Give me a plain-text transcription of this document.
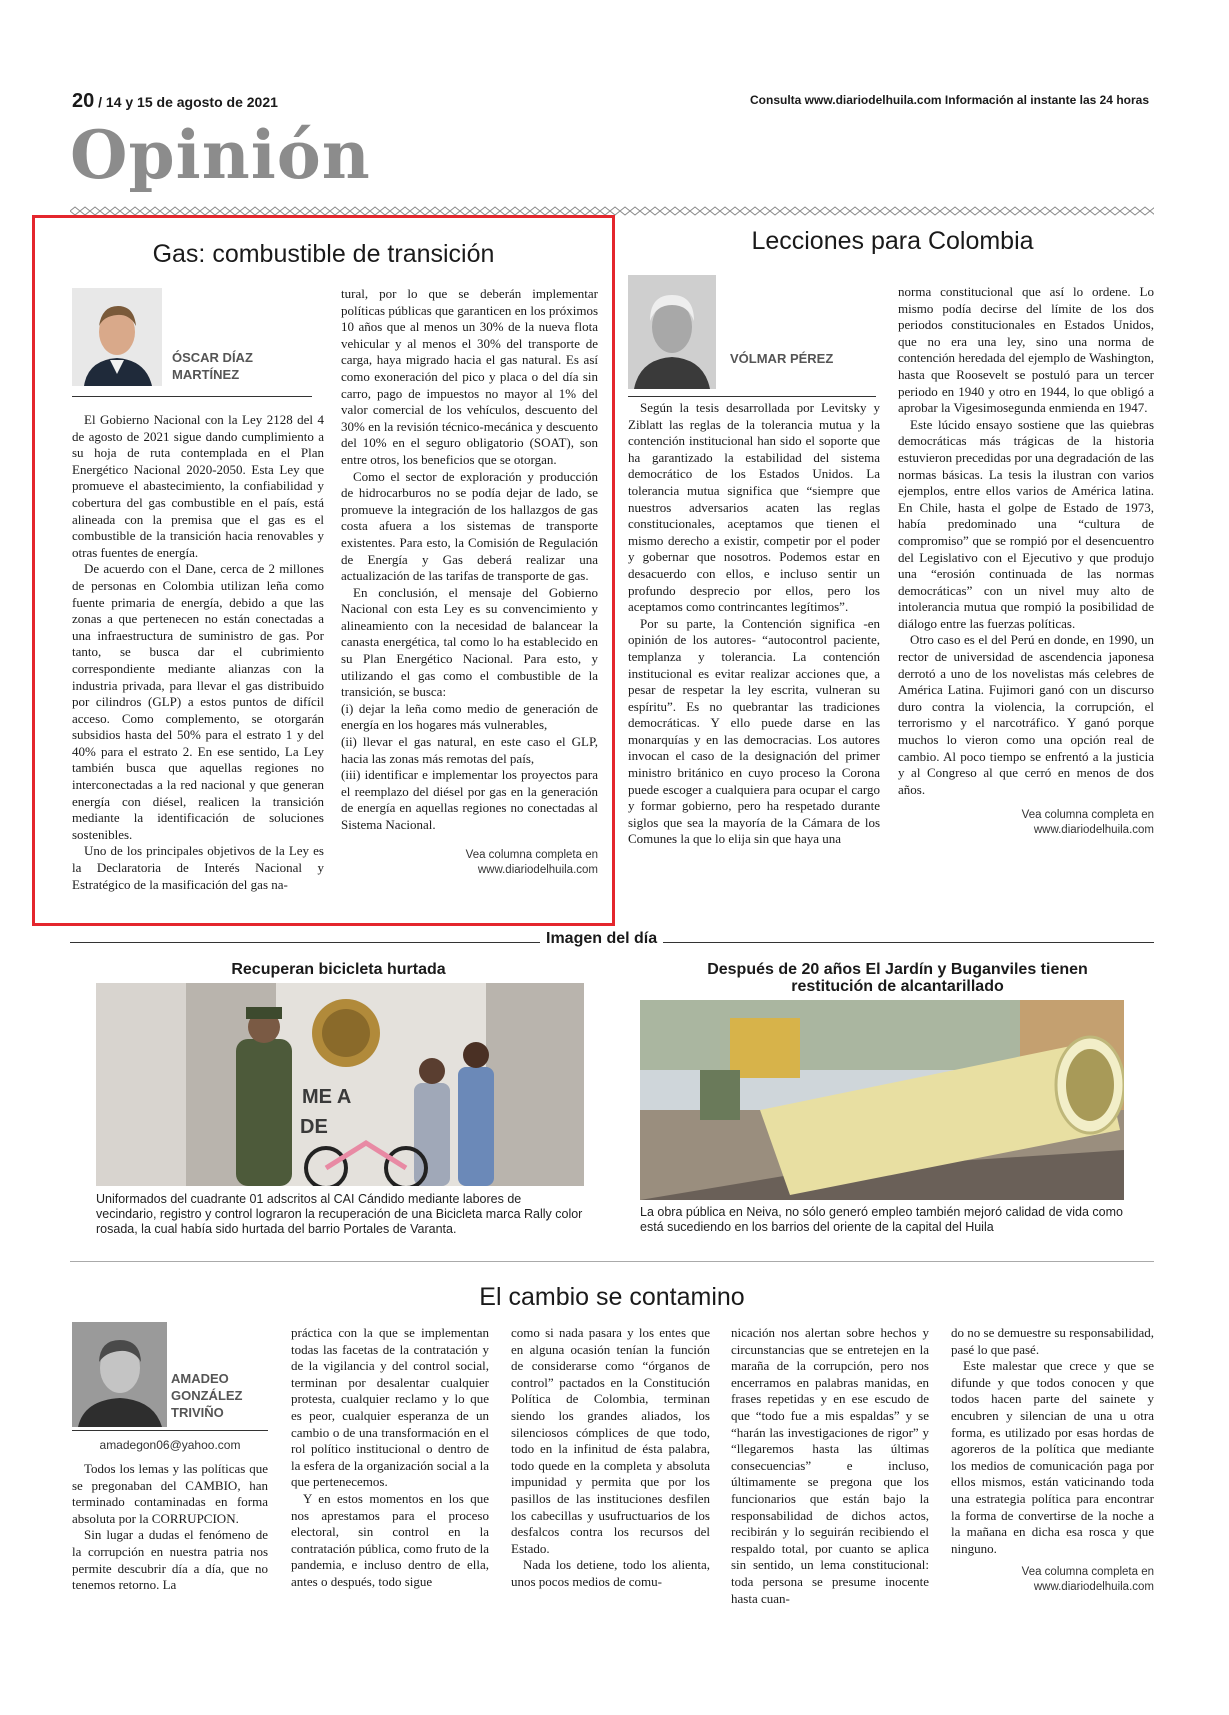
20 / 14 y 15 de agosto de 2021	Consulta www.diariodelhuila.com Información al instante las 24 horas
Opinión
Gas: combustible de transición
ÓSCAR DÍAZ
MARTÍNEZ

El Gobierno Nacional con la Ley 2128 del 4 de agosto de 2021 sigue dando cumplimiento a su hoja de ruta contemplada en el Plan Energético Nacional 2020-2050. Esta Ley que promueve el abastecimiento, la confiabilidad y cobertura del gas combustible en el país, está alineada con la premisa que el gas es el combustible de la transición hacia renovables y otras fuentes de energía.

De acuerdo con el Dane, cerca de 2 millones de personas en Colombia utilizan leña como fuente primaria de energía, debido a que las zonas a que pertenecen no están conectadas a una infraestructura de suministro de gas. Por tanto, se busca dar el cubrimiento correspondiente mediante alianzas con la industria privada, para llevar el gas distribuido por cilindros (GLP) a estos puntos de difícil acceso. Como complemento, se otorgarán subsidios hasta del 50% para el estrato 1 y del 40% para el estrato 2. En ese sentido, La Ley también busca que aquellas regiones no interconectadas a la red nacional y que generan energía con diésel, realicen la transición mediante la identificación de soluciones sostenibles.

Uno de los principales objetivos de la Ley es la Declaratoria de Interés Nacional y Estratégico de la masificación del gas na-

tural, por lo que se deberán implementar políticas públicas que garanticen en los próximos 10 años que al menos un 30% de la nueva flota vehicular y al menos el 30% del transporte de carga, haya migrado hacia el gas natural. Es así como exoneración del pico y placa o del día sin carro, pago de impuestos no mayor al 1% del valor comercial de los vehículos, descuento del 30% en la revisión técnico-mecánica y descuento del 10% en el seguro obligatorio (SOAT), son entre otros, los beneficios que se otorgan.

Como el sector de exploración y producción de hidrocarburos no se podía dejar de lado, se promueve la integración de los hallazgos de gas costa afuera a los sistemas de transporte existentes. Para esto, la Comisión de Regulación de Energía y Gas deberá realizar una actualización de las tarifas de transporte de gas.

En conclusión, el mensaje del Gobierno Nacional con esta Ley es su convencimiento y alineamiento con la necesidad de balancear la canasta energética, tal como lo ha establecido en su Plan Energético Nacional. Para esto, y utilizando el gas como el combustible de la transición, se busca:

(i) dejar la leña como medio de generación de energía en los hogares más vulnerables,

(ii) llevar el gas natural, en este caso el GLP, hacia las zonas más remotas del país,

(iii) identificar e implementar los proyectos para el reemplazo del diésel por gas en la generación de energía en aquellas regiones no conectadas al Sistema Nacional.

Vea columna completa en
www.diariodelhuila.com
Lecciones para Colombia
VÓLMAR PÉREZ

Según la tesis desarrollada por Levitsky y Ziblatt las reglas de la tolerancia mutua y la contención institucional han sido el soporte que ha garantizado la estabilidad del sistema democrático de los Estados Unidos. La tolerancia mutua significa que “siempre que nuestros adversarios acaten las reglas constitucionales, aceptamos que tienen el mismo derecho a existir, competir por el poder y gobernar que nosotros. Podemos estar en desacuerdo con ellos, e incluso sentir un profundo desprecio por ellos, pero los aceptamos como contrincantes legítimos”.

Por su parte, la Contención significa -en opinión de los autores- “autocontrol paciente, templanza y tolerancia. La contención institucional es evitar realizar acciones que, a pesar de respetar la ley escrita, vulneran su espíritu”. Es no quebrantar las tradiciones democráticas. Y ello puede darse en las monarquías y en las democracias. Los autores invocan el caso de la designación del primer ministro británico en cuyo proceso la Corona puede escoger a cualquiera para ocupar el cargo y formar gobierno, pero ha respetado durante siglos que sea la mayoría de la Cámara de los Comunes la que lo elija sin que haya una

norma constitucional que así lo ordene. Lo mismo podía decirse del límite de los dos periodos constitucionales en Estados Unidos, que no era una ley, sino una norma de contención heredada del ejemplo de Washington, hasta que Roosevelt se postuló para un tercer periodo en 1940 y otro en 1944, lo que obligó a aprobar la Vigesimosegunda enmienda en 1947.

Este lúcido ensayo sostiene que las quiebras democráticas más trágicas de la historia estuvieron precedidas por una degradación de las normas básicas. La tesis la ilustran con varios ejemplos, entre ellos varios de América latina. En Chile, hasta el golpe de Estado de 1973, había predominado una “cultura de compromiso” que se rompió por el desencuentro del Legislativo con el Ejecutivo y que produjo una “erosión continuada de las normas democráticas” con un nivel muy alto de intolerancia mutua que rompió la posibilidad de diálogo entre las fuerzas políticas.

Otro caso es el del Perú en donde, en 1990, un rector de universidad de ascendencia japonesa derrotó a uno de los novelistas más celebres de América Latina. Fujimori ganó con un discurso duro contra la violencia, la corrupción, el terrorismo y el narcotráfico. Y ganó porque muchos lo vieron como una opción real de cambio. Al poco tiempo se enfrentó a la justicia y al Congreso al que cerró en menos de dos años.

Vea columna completa en
www.diariodelhuila.com
Imagen del día
Recuperan bicicleta hurtada
ME A
DE
Uniformados del cuadrante 01 adscritos al CAI Cándido mediante labores de vecindario, registro y control lograron la recuperación de una Bicicleta marca Rally color rosada, la cual había sido hurtada del barrio Portales de Varanta.
Después de 20 años El Jardín y Buganviles tienen
restitución de alcantarillado
La obra pública en Neiva, no sólo generó empleo también mejoró calidad de vida como está sucediendo en los barrios del oriente de la capital del Huila
El cambio se contamino
AMADEO
GONZÁLEZ
TRIVIÑO
amadegon06@yahoo.com

Todos los lemas y las políticas que se pregonaban del CAMBIO, han terminado contaminadas en forma absoluta por la CORRUPCION.

Sin lugar a dudas el fenómeno de la corrupción en nuestra patria nos permite descubrir día a día, que no tenemos retorno. La

práctica con la que se implementan todas las facetas de la contratación y de la vigilancia y del control social, terminan por desalentar cualquier protesta, cualquier reclamo y lo que es peor, cualquier esperanza de un cambio o de una transformación en el rol político institucional o dentro de la esfera de la organización social a la que pertenecemos.

Y en estos momentos en los que nos aprestamos para el proceso electoral, sin control en la contratación pública, como fruto de la pandemia, e incluso dentro de ella, antes o después, todo sigue

como si nada pasara y los entes que en alguna ocasión tenían la función de considerarse como “órganos de control” pactados en la Constitución Política de Colombia, terminan siendo los grandes aliados, los silenciosos cómplices de que todo, todo en la infinitud de ésta palabra, todo quede en la completa y absoluta impunidad y permita que por los pasillos de las instituciones desfilen los cabecillas y usufructuarios de los desfalcos contra los recursos del Estado.

Nada los detiene, todo los alienta, unos pocos medios de comu-

nicación nos alertan sobre hechos y circunstancias que se entretejen en la maraña de la corrupción, pero nos encerramos en palabras manidas, en frases repetidas y en ese escudo de que “todo fue a mis espaldas” y se “harán las investigaciones de rigor” y “llegaremos hasta las últimas consecuencias” e incluso, últimamente se pregona que los funcionarios que están bajo la responsabilidad de dichos actos, recibirán y lo seguirán recibiendo el respaldo total, por cuanto se aplica sin sentido, un lema constitucional: toda persona se presume inocente hasta cuan-

do no se demuestre su responsabilidad, pasé lo que pasé.

Este malestar que crece y que se difunde y que todos conocen y que todos hacen parte del sainete y encubren y silencian de una u otra forma, es utilizado por esas hordas de agoreros de la política que mediante los medios de comunicación paga por ellos mismos, están vaticinando toda una estrategia política para encontrar la forma de convertirse de la noche a la mañana en dicha esa rosca y que ninguno.

Vea columna completa en
www.diariodelhuila.com
